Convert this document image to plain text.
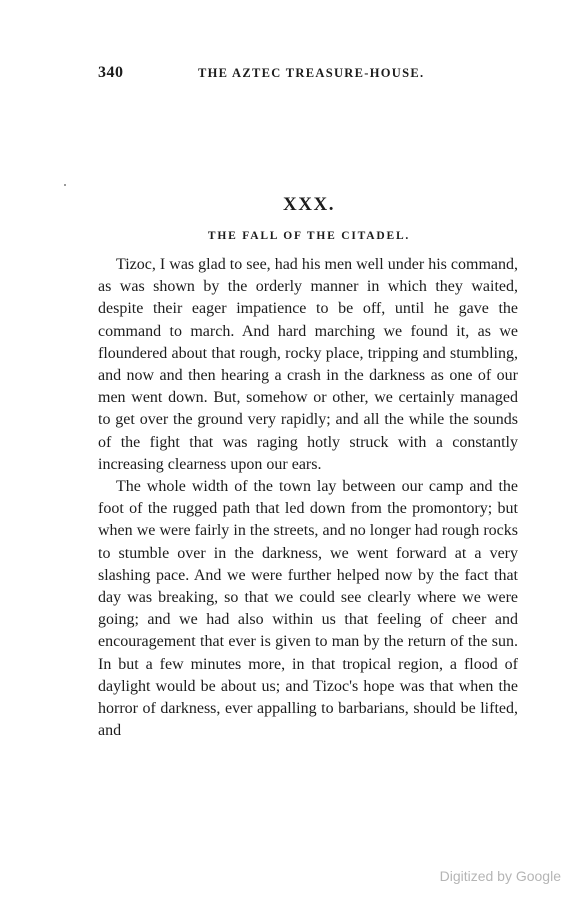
340	THE AZTEC TREASURE-HOUSE.
XXX.
THE FALL OF THE CITADEL.

Tizoc, I was glad to see, had his men well under his command, as was shown by the orderly manner in which they waited, despite their eager impatience to be off, until he gave the command to march. And hard marching we found it, as we floundered about that rough, rocky place, tripping and stumbling, and now and then hearing a crash in the darkness as one of our men went down. But, somehow or other, we certainly managed to get over the ground very rapidly; and all the while the sounds of the fight that was raging hotly struck with a constantly increasing clearness upon our ears.

The whole width of the town lay between our camp and the foot of the rugged path that led down from the promontory; but when we were fairly in the streets, and no longer had rough rocks to stumble over in the darkness, we went forward at a very slashing pace. And we were further helped now by the fact that day was breaking, so that we could see clearly where we were going; and we had also within us that feeling of cheer and encouragement that ever is given to man by the return of the sun. In but a few minutes more, in that tropical region, a flood of daylight would be about us; and Tizoc's hope was that when the horror of darkness, ever appalling to barbarians, should be lifted, and

Digitized by Google
